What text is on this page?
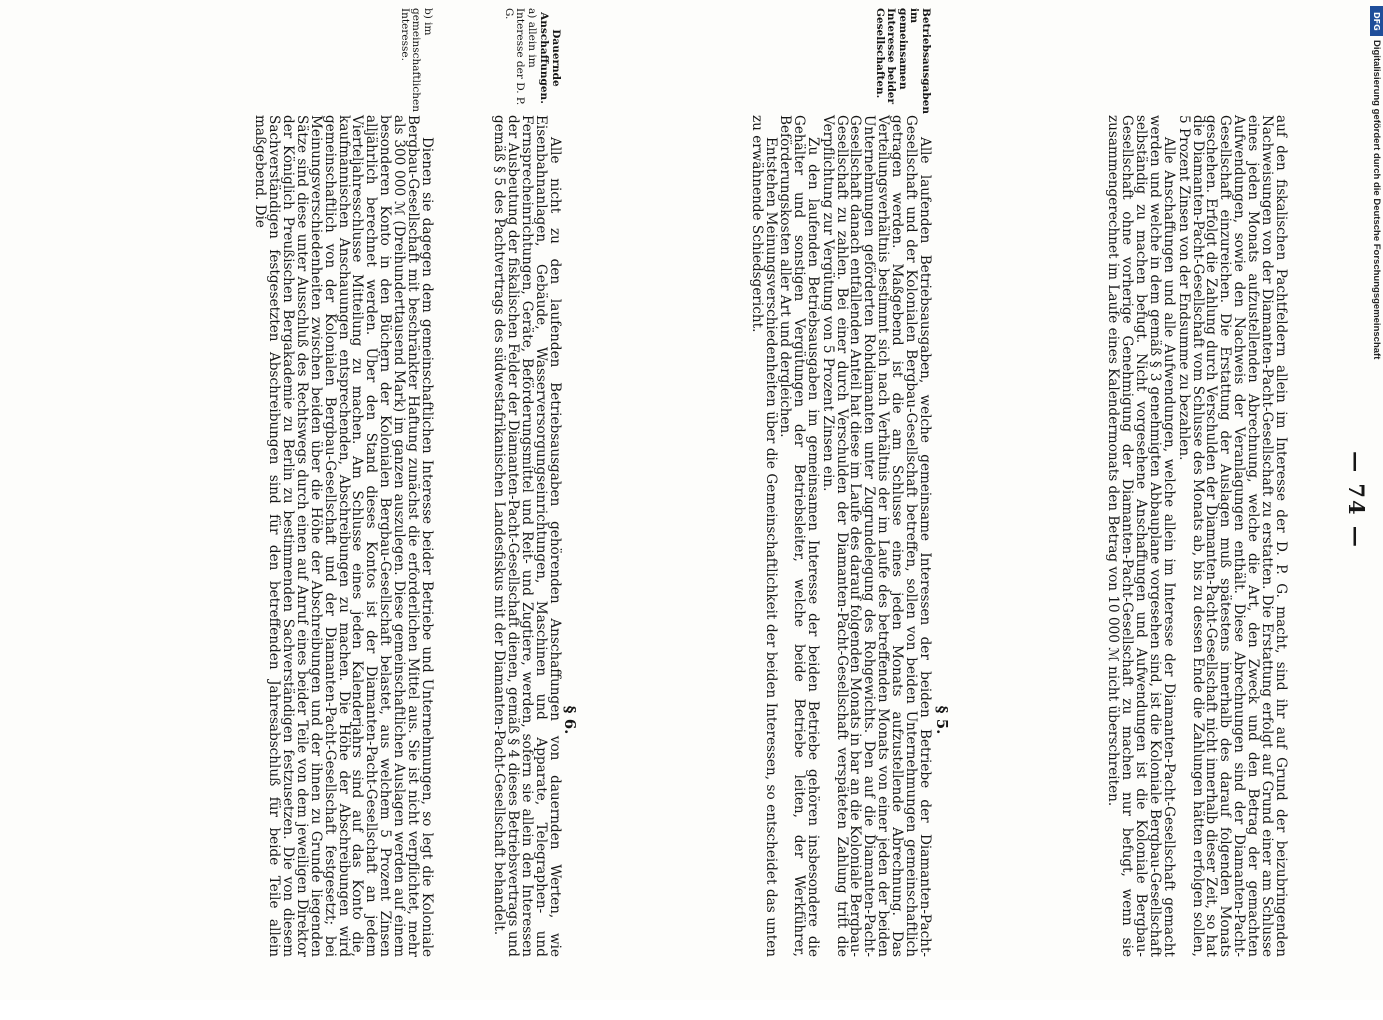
— 74 —

auf den fiskalischen Pachtfeldern allein im Interesse der D. P. G. macht, sind ihr auf Grund der beizubringenden Nachweisungen von der Diamanten-Pacht-Gesellschaft zu erstatten. Die Erstattung erfolgt auf Grund einer am Schlusse eines jeden Monats aufzustellenden Abrechnung, welche die Art, den Zweck und den Betrag der gemachten Aufwendungen, sowie den Nachweis der Veranlagungen enthält. Diese Abrechnungen sind der Diamanten-Pacht-Gesellschaft einzureichen. Die Erstattung der Auslagen muß spätestens innerhalb des darauf folgenden Monats geschehen. Erfolgt die Zahlung durch Verschulden der Diamanten-Pacht-Gesellschaft nicht innerhalb dieser Zeit, so hat die Diamanten-Pacht-Gesellschaft vom Schlusse des Monats ab, bis zu dessen Ende die Zahlungen hätten erfolgen sollen, 5 Prozent Zinsen von der Endsumme zu bezahlen.

Alle Anschaffungen und alle Aufwendungen, welche allein im Interesse der Diamanten-Pacht-Gesellschaft gemacht werden und welche in dem gemäß § 3 genehmigten Abbauplane vorgesehen sind, ist die Koloniale Bergbau-Gesellschaft selbständig zu machen befugt. Nicht vorgesehene Anschaffungen und Aufwendungen ist die Koloniale Bergbau-Gesellschaft ohne vorherige Genehmigung der Diamanten-Pacht-Gesellschaft zu machen nur befugt, wenn sie zusammengerechnet im Laufe eines Kalendermonats den Betrag von 10 000 ℳ nicht überschreiten.

§ 5.

Betriebsausgaben im gemeinsamen Interesse beider Gesellschaften.

Alle laufenden Betriebsausgaben, welche gemeinsame Interessen der beiden Betriebe der Diamanten-Pacht-Gesellschaft und der Kolonialen Bergbau-Gesellschaft betreffen, sollen von beiden Unternehmungen gemeinschaftlich getragen werden. Maßgebend ist die am Schlusse eines jeden Monats aufzustellende Abrechnung. Das Verteilungsverhältnis bestimmt sich nach Verhältnis der im Laufe des betreffenden Monats von einer jeden der beiden Unternehmungen geförderten Rohdiamanten unter Zugrundelegung des Rohgewichts. Den auf die Diamanten-Pacht-Gesellschaft danach entfallenden Anteil hat diese im Laufe des darauf folgenden Monats in bar an die Koloniale Bergbau-Gesellschaft zu zahlen. Bei einer durch Verschulden der Diamanten-Pacht-Gesellschaft verspäteten Zahlung tritt die Verpflichtung zur Vergütung von 5 Prozent Zinsen ein.

Zu den laufenden Betriebsausgaben im gemeinsamen Interesse der beiden Betriebe gehören insbesondere die Gehälter und sonstigen Vergütungen der Betriebsleiter, welche beide Betriebe leiten, der Werkführer, Beförderungskosten aller Art und dergleichen.

Entstehen Meinungsverschiedenheiten über die Gemeinschaftlichkeit der beiden Interessen, so entscheidet das unten zu erwähnende Schiedsgericht.

§ 6.

Dauernde Anschaffungen.

a) allein im Interesse der D. P. G.

Alle nicht zu den laufenden Betriebsausgaben gehörenden Anschaffungen von dauernden Werten, wie Eisenbahnanlagen, Gebäude, Wasserversorgungseinrichtungen, Maschinen und Apparate, Telegraphen- und Fernsprecheinrichtungen, Geräte, Beförderungsmittel und Reit- und Zugtiere, werden, sofern sie allein den Interessen der Ausbeutung der fiskalischen Felder der Diamanten-Pacht-Gesellschaft dienen, gemäß § 4 dieses Betriebsvertrags und gemäß § 5 des Pachtvertrags des südwestafrikanischen Landesfiskus mit der Diamanten-Pacht-Gesellschaft behandelt.

b) im gemeinschaftlichen Interesse.

Dienen sie dagegen dem gemeinschaftlichen Interesse beider Betriebe und Unternehmungen, so legt die Koloniale Bergbau-Gesellschaft mit beschränkter Haftung zunächst die erforderlichen Mittel aus. Sie ist nicht verpflichtet, mehr als 300 000 ℳ (Dreihunderttausend Mark) im ganzen auszulegen. Diese gemeinschaftlichen Auslagen werden auf einem besonderen Konto in den Büchern der Kolonialen Bergbau-Gesellschaft belastet, aus welchem 5 Prozent Zinsen alljährlich berechnet werden. Über den Stand dieses Kontos ist der Diamanten-Pacht-Gesellschaft an jedem Vierteljahresschlusse Mitteilung zu machen. Am Schlusse eines jeden Kalenderjahrs sind auf das Konto die, kaufmännischen Anschauungen entsprechenden, Abschreibungen zu machen. Die Höhe der Abschreibungen wird gemeinschaftlich von der Kolonialen Bergbau-Gesellschaft und der Diamanten-Pacht-Gesellschaft festgesetzt; bei Meinungsverschiedenheiten zwischen beiden über die Höhe der Abschreibungen und der ihnen zu Grunde liegenden Sätze sind diese unter Ausschluß des Rechtswegs durch einen auf Anruf eines beider Teile von dem jeweiligen Direktor der Königlich Preußischen Bergakademie zu Berlin zu bestimmenden Sachverständigen festzusetzen. Die von diesem Sachverständigen festgesetzten Abschreibungen sind für den betreffenden Jahresabschluß für beide Teile allein maßgebend. Die

DFG
Digitalisierung gefördert durch die Deutsche Forschungsgemeinschaft
